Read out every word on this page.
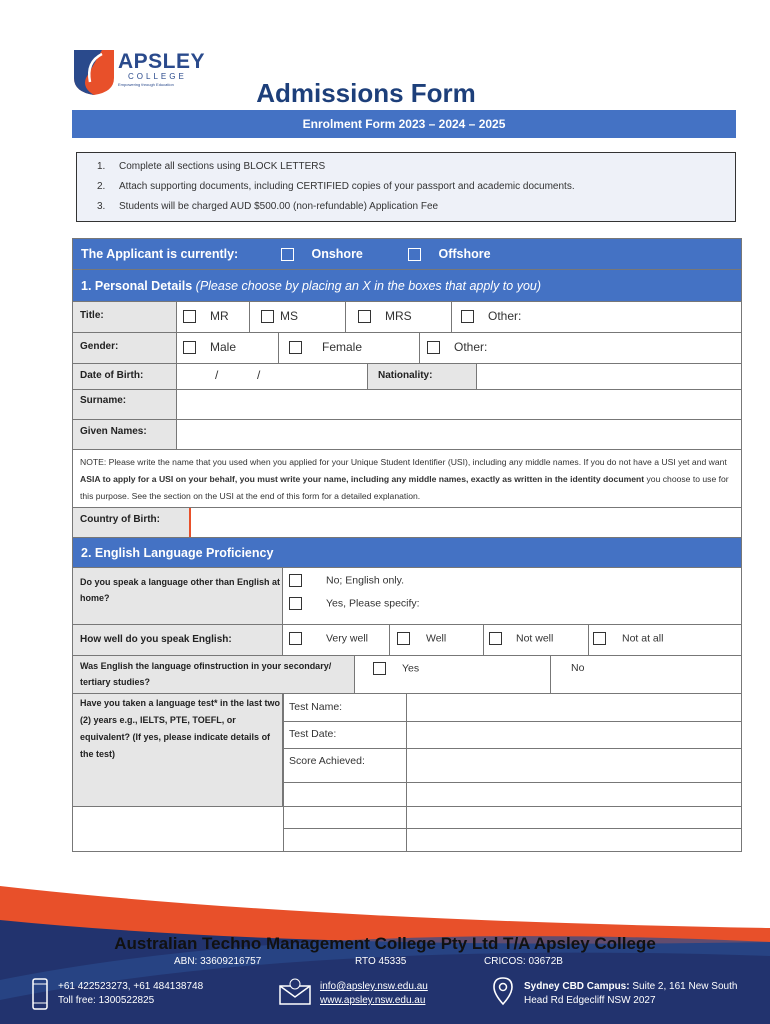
APSLEY
COLLEGE
Empowering through Education	Admissions Form
Enrolment Form 2023 – 2024 – 2025
1. Complete all sections using BLOCK LETTERS
2. Attach supporting documents, including CERTIFIED copies of your passport and academic documents.
3. Students will be charged AUD $500.00 (non-refundable) Application Fee
The Applicant is currently:	Onshore	Offshore
1. Personal Details (Please choose by placing an X in the boxes that apply to you)
Title:	MR	MS	MRS	Other:
Gender:	Male	Female	Other:
Date of Birth:	/	/	Nationality:
Surname:
Given Names:
NOTE: Please write the name that you used when you applied for your Unique Student Identifier (USI), including any middle names. If you do not have a USI yet and want ASIA to apply for a USI on your behalf, you must write your name, including any middle names, exactly as written in the identity document you choose to use for this purpose. See the section on the USI at the end of this form for a detailed explanation.
Country of Birth:
2. English Language Proficiency
Do you speak a language other than English at home?
No; English only.
Yes, Please specify:
How well do you speak English:	Very well	Well	Not well	Not at all
Was English the language ofinstruction in your secondary/ tertiary studies?
Yes	No
Have you taken a language test* in the last two (2) years e.g., IELTS, PTE, TOEFL, or equivalent? (If yes, please indicate details of the test)
Test Name:
Test Date:
Score Achieved:
Australian Techno Management College Pty Ltd T/A Apsley College
ABN: 33609216757	RTO 45335	CRICOS: 03672B
+61 422523273, +61 484138748
Toll free: 1300522825
info@apsley.nsw.edu.au
www.apsley.nsw.edu.au
Sydney CBD Campus: Suite 2, 161 New South
Head Rd Edgecliff NSW 2027
